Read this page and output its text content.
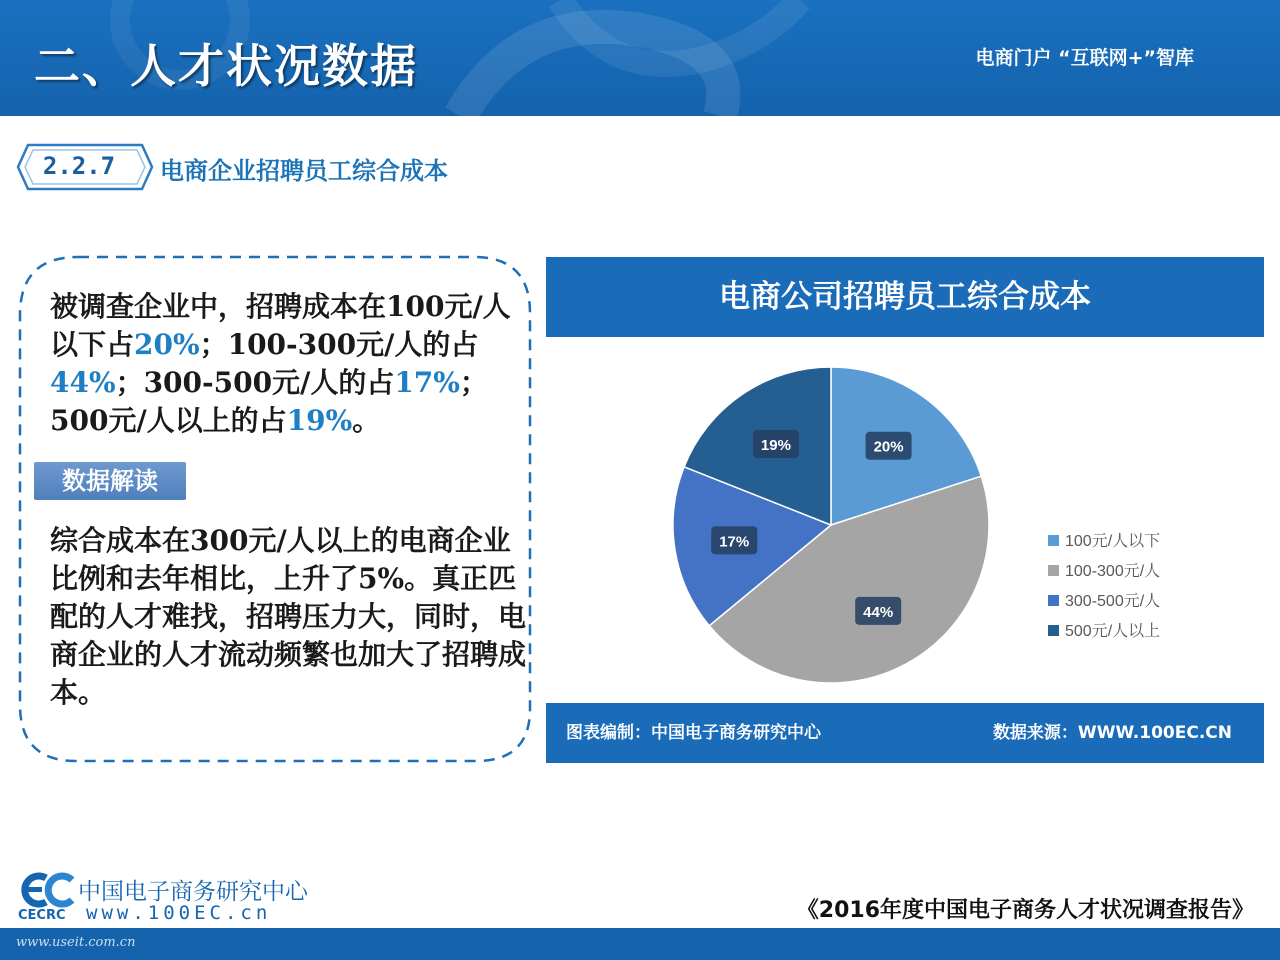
二、人才状况数据	电商门户 “互联网+”智库
2.2.7	电商企业招聘员工综合成本
被调查企业中，招聘成本在100元/人以下占20%；100-300元/人的占44%；300-500元/人的占17%；500元/人以上的占19%。
数据解读
综合成本在300元/人以上的电商企业比例和去年相比，上升了5%。真正匹配的人才难找，招聘压力大，同时，电商企业的人才流动频繁也加大了招聘成本。
电商公司招聘员工综合成本
20%
44%
17%
19%
100元/人以下
100-300元/人
300-500元/人
500元/人以上
图表编制：中国电子商务研究中心	数据来源：WWW.100EC.CN
中国电子商务研究中心
CECRC www.100EC.cn	《2016年度中国电子商务人才状况调查报告》
www.useit.com.cn
